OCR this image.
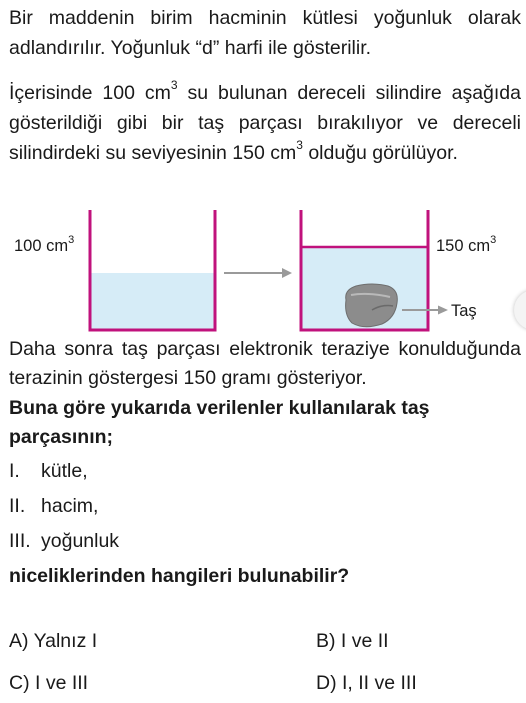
Bir maddenin birim hacminin kütlesi yoğunluk olarak adlandırılır. Yoğunluk “d” harfi ile gösterilir.

İçerisinde 100 $cm^3$ su bulunan dereceli silindire aşağıda gösterildiği gibi bir taş parçası bırakılıyor ve dereceli silindirdeki su seviyesinin 150 $cm^3$ olduğu görülüyor.

100 $cm^3$	150 $cm^3$
Taş

Daha sonra taş parçası elektronik teraziye konulduğunda terazinin göstergesi 150 gramı gösteriyor.

Buna göre yukarıda verilenler kullanılarak taş parçasının;

I. kütle,
II. hacim,
III. yoğunluk
niceliklerinden hangileri bulunabilir?
A) Yalnız I	B) I ve II
C) I ve III	D) I, II ve III
